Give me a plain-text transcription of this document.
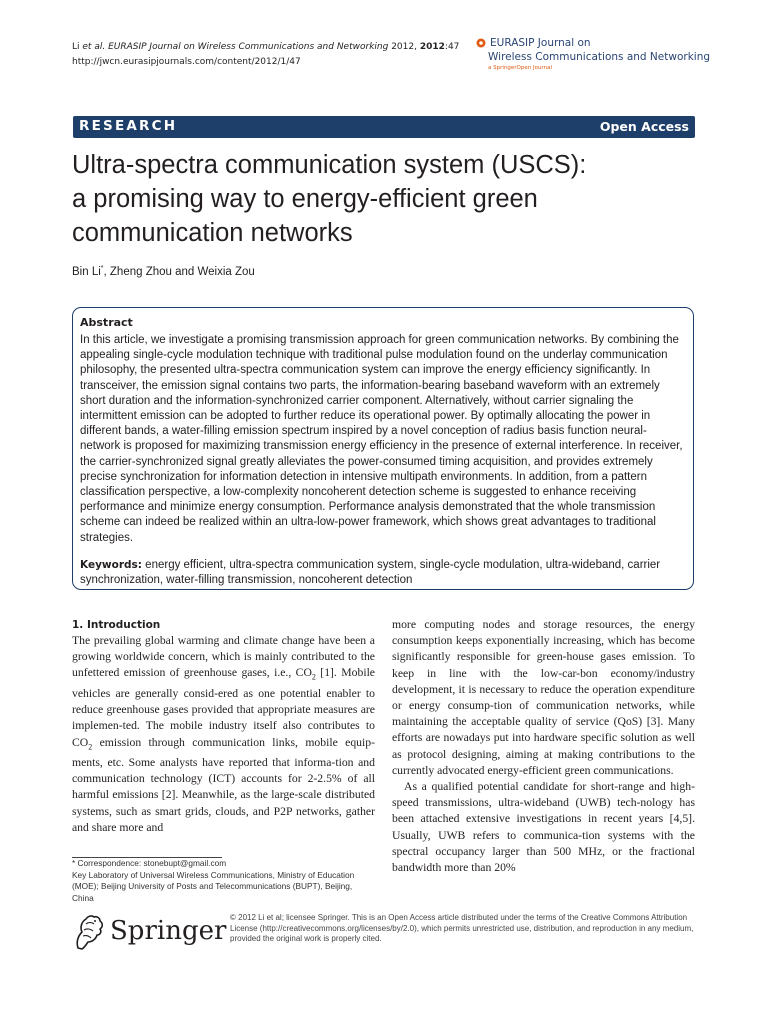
Li et al. EURASIP Journal on Wireless Communications and Networking 2012, 2012:47
http://jwcn.eurasipjournals.com/content/2012/1/47
EURASIP Journal on
Wireless Communications and Networking
a SpringerOpen Journal
RESEARCH	Open Access
Ultra-spectra communication system (USCS):
a promising way to energy-efficient green
communication networks
Bin Li*, Zheng Zhou and Weixia Zou
Abstract
In this article, we investigate a promising transmission approach for green communication networks. By combining the appealing single-cycle modulation technique with traditional pulse modulation found on the underlay communication philosophy, the presented ultra-spectra communication system can improve the energy efficiency significantly. In transceiver, the emission signal contains two parts, the information-bearing baseband waveform with an extremely short duration and the information-synchronized carrier component. Alternatively, without carrier signaling the intermittent emission can be adopted to further reduce its operational power. By optimally allocating the power in different bands, a water-filling emission spectrum inspired by a novel conception of radius basis function neural-network is proposed for maximizing transmission energy efficiency in the presence of external interference. In receiver, the carrier-synchronized signal greatly alleviates the power-consumed timing acquisition, and provides extremely precise synchronization for information detection in intensive multipath environments. In addition, from a pattern classification perspective, a low-complexity noncoherent detection scheme is suggested to enhance receiving performance and minimize energy consumption. Performance analysis demonstrated that the whole transmission scheme can indeed be realized within an ultra-low-power framework, which shows great advantages to traditional strategies.
Keywords: energy efficient, ultra-spectra communication system, single-cycle modulation, ultra-wideband, carrier synchronization, water-filling transmission, noncoherent detection
1. Introduction

The prevailing global warming and climate change have been a growing worldwide concern, which is mainly contributed to the unfettered emission of greenhouse gases, i.e., $CO_2$ [1]. Mobile vehicles are generally consid-ered as one potential enabler to reduce greenhouse gases provided that appropriate measures are implemen-ted. The mobile industry itself also contributes to $CO_2$ emission through communication links, mobile equip-ments, etc. Some analysts have reported that informa-tion and communication technology (ICT) accounts for 2-2.5% of all harmful emissions [2]. Meanwhile, as the large-scale distributed systems, such as smart grids, clouds, and P2P networks, gather and share more and

more computing nodes and storage resources, the energy consumption keeps exponentially increasing, which has become significantly responsible for green-house gases emission. To keep in line with the low-car-bon economy/industry development, it is necessary to reduce the operation expenditure or energy consump-tion of communication networks, while maintaining the acceptable quality of service (QoS) [3]. Many efforts are nowadays put into hardware specific solution as well as protocol designing, aiming at making contributions to the currently advocated energy-efficient green communications.

As a qualified potential candidate for short-range and high-speed transmissions, ultra-wideband (UWB) tech-nology has been attached extensive investigations in recent years [4,5]. Usually, UWB refers to communica-tion systems with the spectral occupancy larger than 500 MHz, or the fractional bandwidth more than 20%

* Correspondence: stonebupt@gmail.com
Key Laboratory of Universal Wireless Communications, Ministry of Education (MOE); Beijing University of Posts and Telecommunications (BUPT), Beijing, China
Springer © 2012 Li et al; licensee Springer. This is an Open Access article distributed under the terms of the Creative Commons Attribution License (http://creativecommons.org/licenses/by/2.0), which permits unrestricted use, distribution, and reproduction in any medium, provided the original work is properly cited.
